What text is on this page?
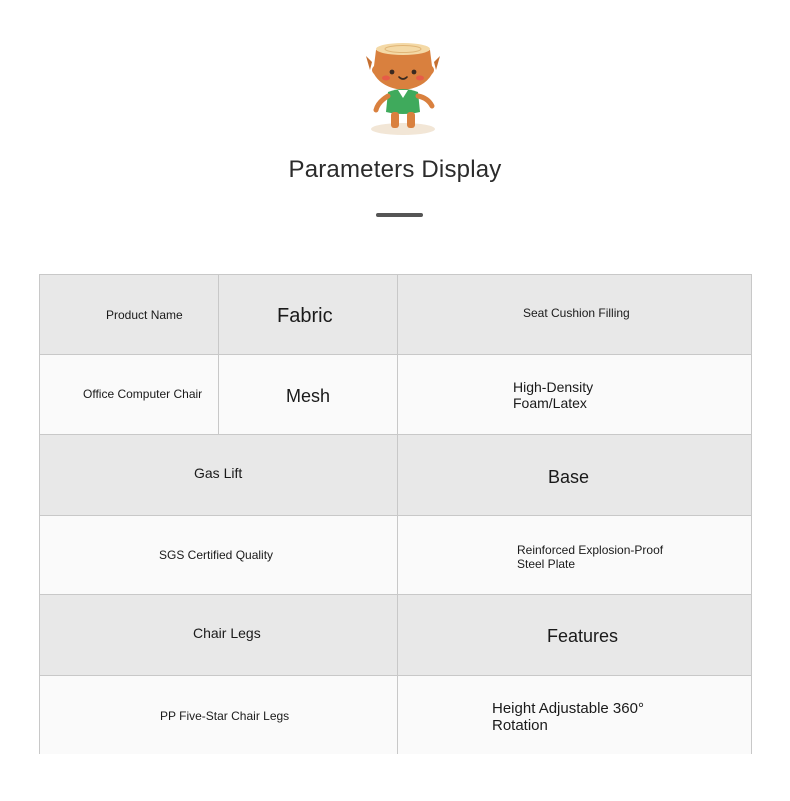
Parameters Display
Product Name	Fabric	Seat Cushion Filling
Office Computer Chair	Mesh	High-Density
Foam/Latex
Gas Lift	Base
SGS Certified Quality	Reinforced Explosion-Proof
Steel Plate
Chair Legs	Features
PP Five-Star Chair Legs	Height Adjustable 360°
Rotation
